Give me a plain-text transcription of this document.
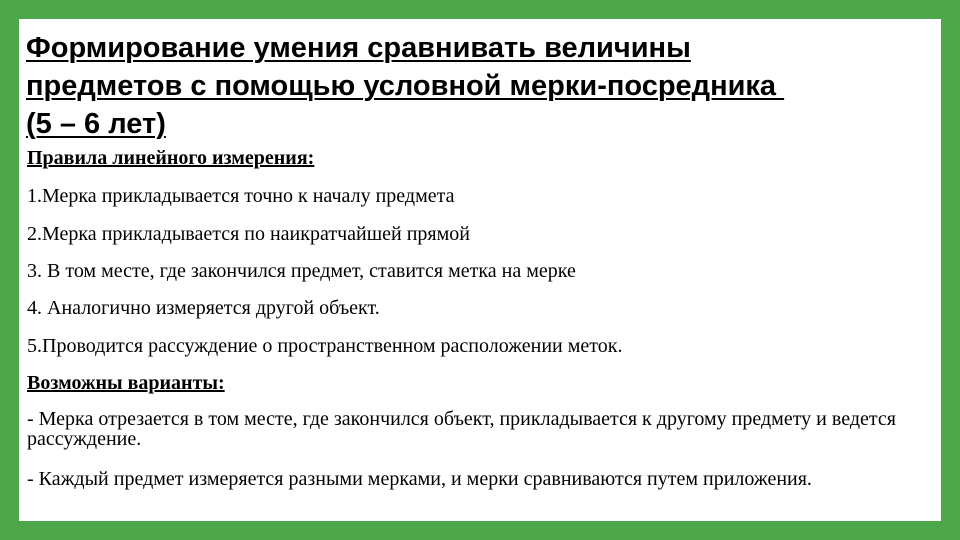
Формирование умения сравнивать величины
предметов с помощью условной мерки-посредника
(5 – 6 лет)
Правила линейного измерения:
1.Мерка прикладывается точно к началу предмета
2.Мерка прикладывается по наикратчайшей прямой
3. В том месте, где закончился предмет, ставится метка на мерке
4. Аналогично измеряется другой объект.
5.Проводится рассуждение о пространственном расположении меток.
Возможны варианты:
- Мерка отрезается в том месте, где закончился объект, прикладывается к другому предмету и ведется рассуждение.
- Каждый предмет измеряется разными мерками, и мерки сравниваются путем приложения.
